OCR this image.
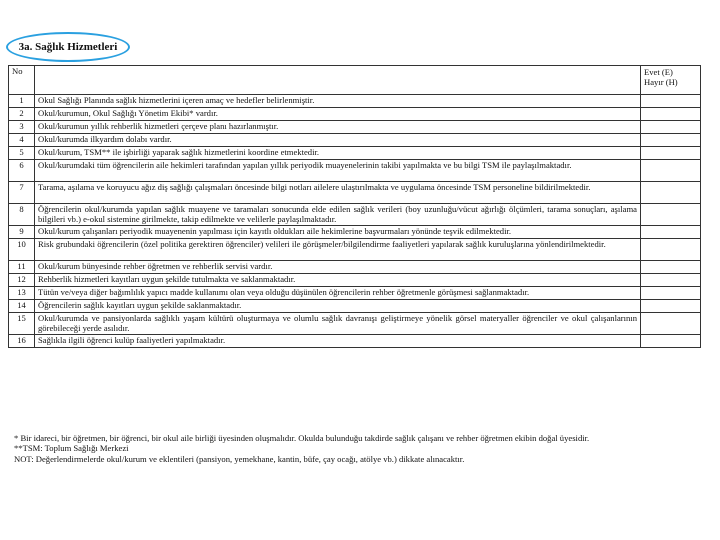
3a. Sağlık Hizmetleri
No		Evet (E)
Hayır (H)

1	Okul Sağlığı Planında sağlık hizmetlerini içeren amaç ve hedefler belirlenmiştir.	
2	Okul/kurumun, Okul Sağlığı Yönetim Ekibi* vardır.	
3	Okul/kurumun yıllık rehberlik hizmetleri çerçeve planı hazırlanmıştır.	
4	Okul/kurumda ilkyardım dolabı vardır.	
5	Okul/kurum, TSM** ile işbirliği yaparak sağlık hizmetlerini koordine etmektedir.	
6	Okul/kurumdaki tüm öğrencilerin aile hekimleri tarafından yapılan yıllık periyodik muayenelerinin takibi yapılmakta ve bu bilgi TSM ile paylaşılmaktadır.	
7	Tarama, aşılama ve koruyucu ağız diş sağlığı çalışmaları öncesinde bilgi notları ailelere ulaştırılmakta ve uygulama öncesinde TSM personeline bildirilmektedir.	
8	Öğrencilerin okul/kurumda yapılan sağlık muayene ve taramaları sonucunda elde edilen sağlık verileri (boy uzunluğu/vücut ağırlığı ölçümleri, tarama sonuçları, aşılama bilgileri vb.) e-okul sistemine girilmekte, takip edilmekte ve velilerle paylaşılmaktadır.	
9	Okul/kurum çalışanları periyodik muayenenin yapılması için kayıtlı oldukları aile hekimlerine başvurmaları yönünde teşvik edilmektedir.	
10	Risk grubundaki öğrencilerin (özel politika gerektiren öğrenciler) velileri ile görüşmeler/bilgilendirme faaliyetleri yapılarak sağlık kuruluşlarına yönlendirilmektedir.	
11	Okul/kurum bünyesinde rehber öğretmen ve rehberlik servisi vardır.	
12	Rehberlik hizmetleri kayıtları uygun şekilde tutulmakta ve saklanmaktadır.	
13	Tütün ve/veya diğer bağımlılık yapıcı madde kullanımı olan veya olduğu düşünülen öğrencilerin rehber öğretmenle görüşmesi sağlanmaktadır.	
14	Öğrencilerin sağlık kayıtları uygun şekilde saklanmaktadır.	
15	Okul/kurumda ve pansiyonlarda sağlıklı yaşam kültürü oluşturmaya ve olumlu sağlık davranışı geliştirmeye yönelik görsel materyaller öğrenciler ve okul çalışanlarının görebileceği yerde asılıdır.	
16	Sağlıkla ilgili öğrenci kulüp faaliyetleri yapılmaktadır.	
* Bir idareci, bir öğretmen, bir öğrenci, bir okul aile birliği üyesinden oluşmalıdır. Okulda bulunduğu takdirde sağlık çalışanı ve rehber öğretmen ekibin doğal üyesidir.
**TSM: Toplum Sağlığı Merkezi
NOT: Değerlendirmelerde okul/kurum ve eklentileri (pansiyon, yemekhane, kantin, büfe, çay ocağı, atölye vb.) dikkate alınacaktır.
